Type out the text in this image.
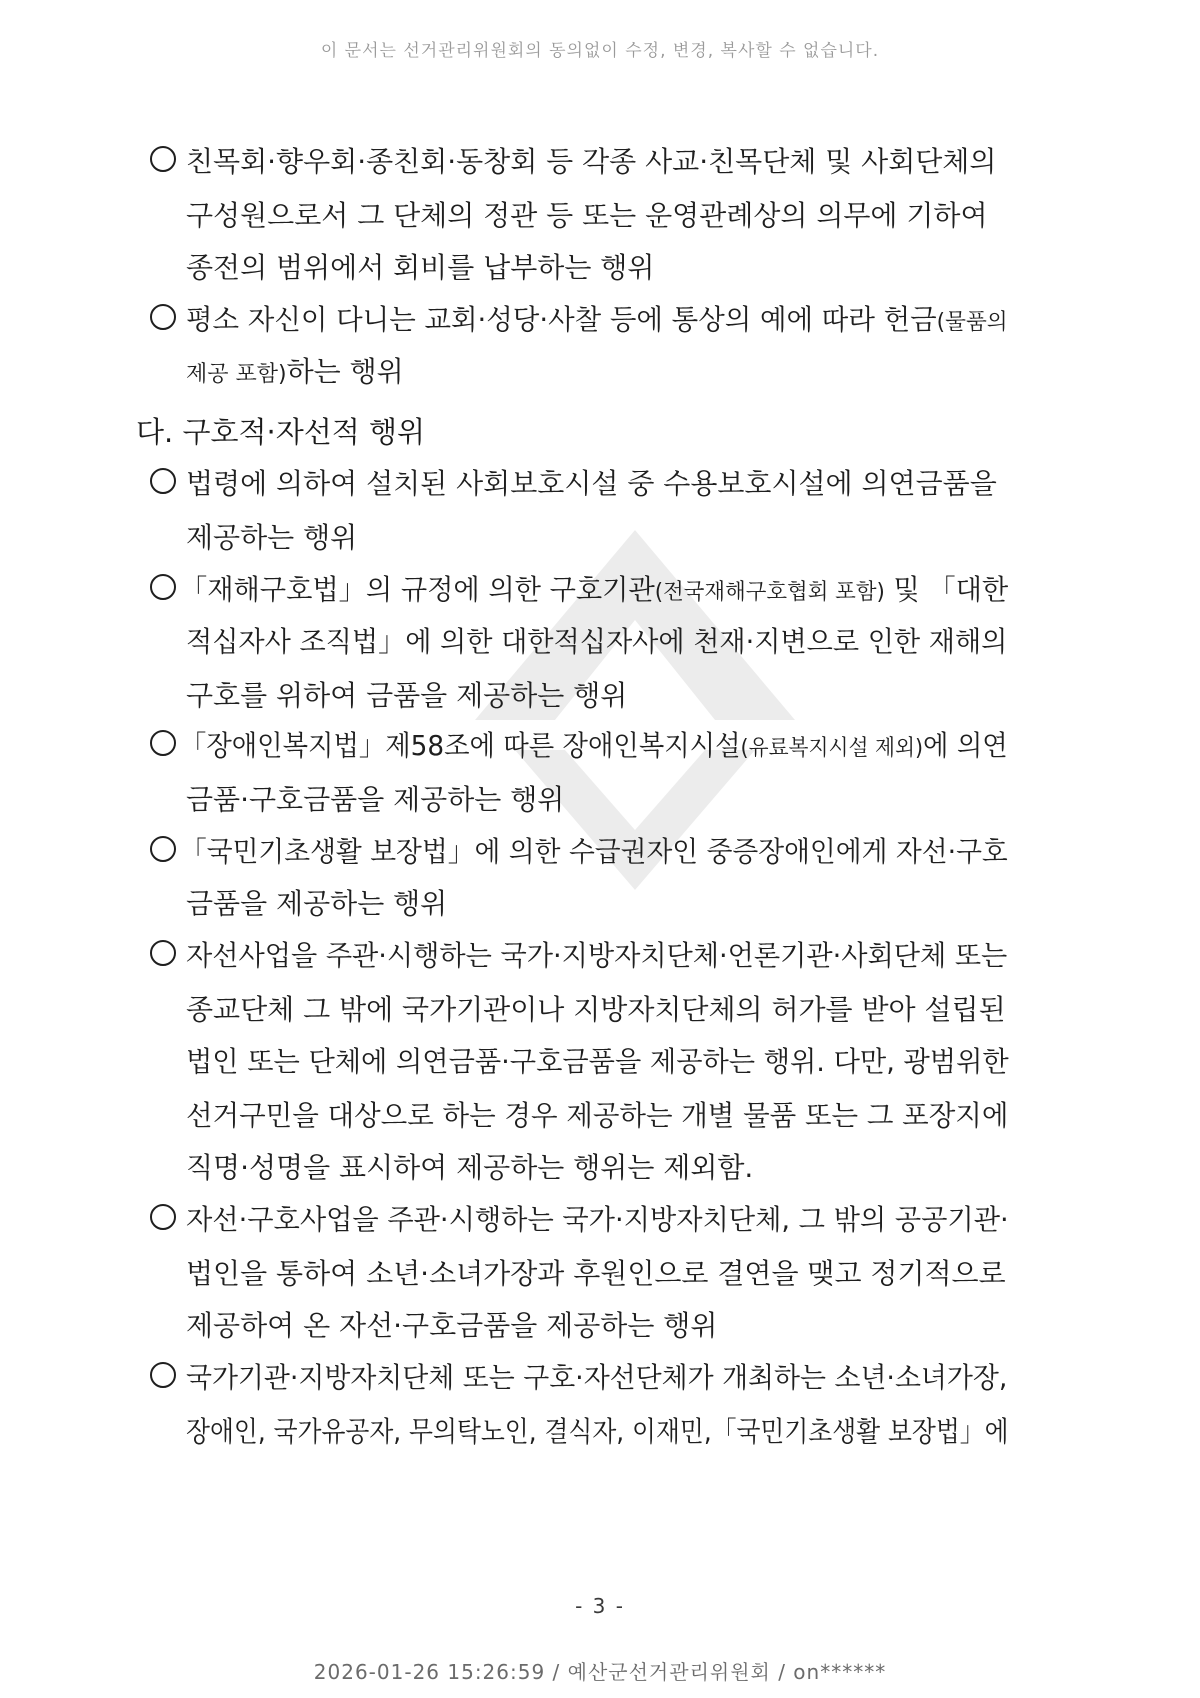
이 문서는 선거관리위원회의 동의없이 수정, 변경, 복사할 수 없습니다.
친목회·향우회·종친회·동창회 등 각종 사교·친목단체 및 사회단체의
구성원으로서 그 단체의 정관 등 또는 운영관례상의 의무에 기하여
종전의 범위에서 회비를 납부하는 행위
평소 자신이 다니는 교회·성당·사찰 등에 통상의 예에 따라 헌금(물품의
제공 포함)하는 행위
다. 구호적·자선적 행위
법령에 의하여 설치된 사회보호시설 중 수용보호시설에 의연금품을
제공하는 행위
「재해구호법」의 규정에 의한 구호기관(전국재해구호협회 포함) 및 「대한
적십자사 조직법」에 의한 대한적십자사에 천재·지변으로 인한 재해의
구호를 위하여 금품을 제공하는 행위
「장애인복지법」제58조에 따른 장애인복지시설(유료복지시설 제외)에 의연
금품·구호금품을 제공하는 행위
「국민기초생활 보장법」에 의한 수급권자인 중증장애인에게 자선·구호
금품을 제공하는 행위
자선사업을 주관·시행하는 국가·지방자치단체·언론기관·사회단체 또는
종교단체 그 밖에 국가기관이나 지방자치단체의 허가를 받아 설립된
법인 또는 단체에 의연금품·구호금품을 제공하는 행위. 다만, 광범위한
선거구민을 대상으로 하는 경우 제공하는 개별 물품 또는 그 포장지에
직명·성명을 표시하여 제공하는 행위는 제외함.
자선·구호사업을 주관·시행하는 국가·지방자치단체, 그 밖의 공공기관·
법인을 통하여 소년·소녀가장과 후원인으로 결연을 맺고 정기적으로
제공하여 온 자선·구호금품을 제공하는 행위
국가기관·지방자치단체 또는 구호·자선단체가 개최하는 소년·소녀가장,
장애인, 국가유공자, 무의탁노인, 결식자, 이재민,「국민기초생활 보장법」에
- 3 -
2026-01-26 15:26:59 / 예산군선거관리위원회 / on******
